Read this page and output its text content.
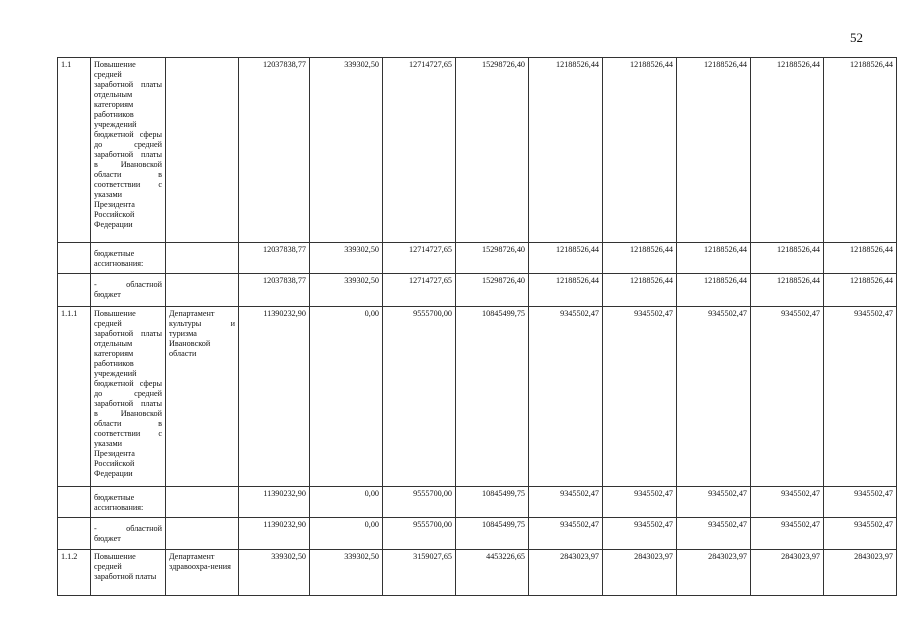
52
1.1	Повышение средней заработной платы отдельным категориям работников учреждений бюджетной сферы до средней заработной платы в Ивановской области в соответствии с указами Президента Российской Федерации		12037838,77	339302,50	12714727,65	15298726,40	12188526,44	12188526,44	12188526,44	12188526,44	12188526,44
	бюджетные ассигнования:		12037838,77	339302,50	12714727,65	15298726,40	12188526,44	12188526,44	12188526,44	12188526,44	12188526,44
	- областной бюджет		12037838,77	339302,50	12714727,65	15298726,40	12188526,44	12188526,44	12188526,44	12188526,44	12188526,44
1.1.1	Повышение средней заработной платы отдельным категориям работников учреждений бюджетной сферы до средней заработной платы в Ивановской области в соответствии с указами Президента Российской Федерации	Департамент культуры и туризма Ивановской области	11390232,90	0,00	9555700,00	10845499,75	9345502,47	9345502,47	9345502,47	9345502,47	9345502,47
	бюджетные ассигнования:		11390232,90	0,00	9555700,00	10845499,75	9345502,47	9345502,47	9345502,47	9345502,47	9345502,47
	- областной бюджет		11390232,90	0,00	9555700,00	10845499,75	9345502,47	9345502,47	9345502,47	9345502,47	9345502,47
1.1.2	Повышение средней заработной платы	Департамент здравоохра-нения	339302,50	339302,50	3159027,65	4453226,65	2843023,97	2843023,97	2843023,97	2843023,97	2843023,97
